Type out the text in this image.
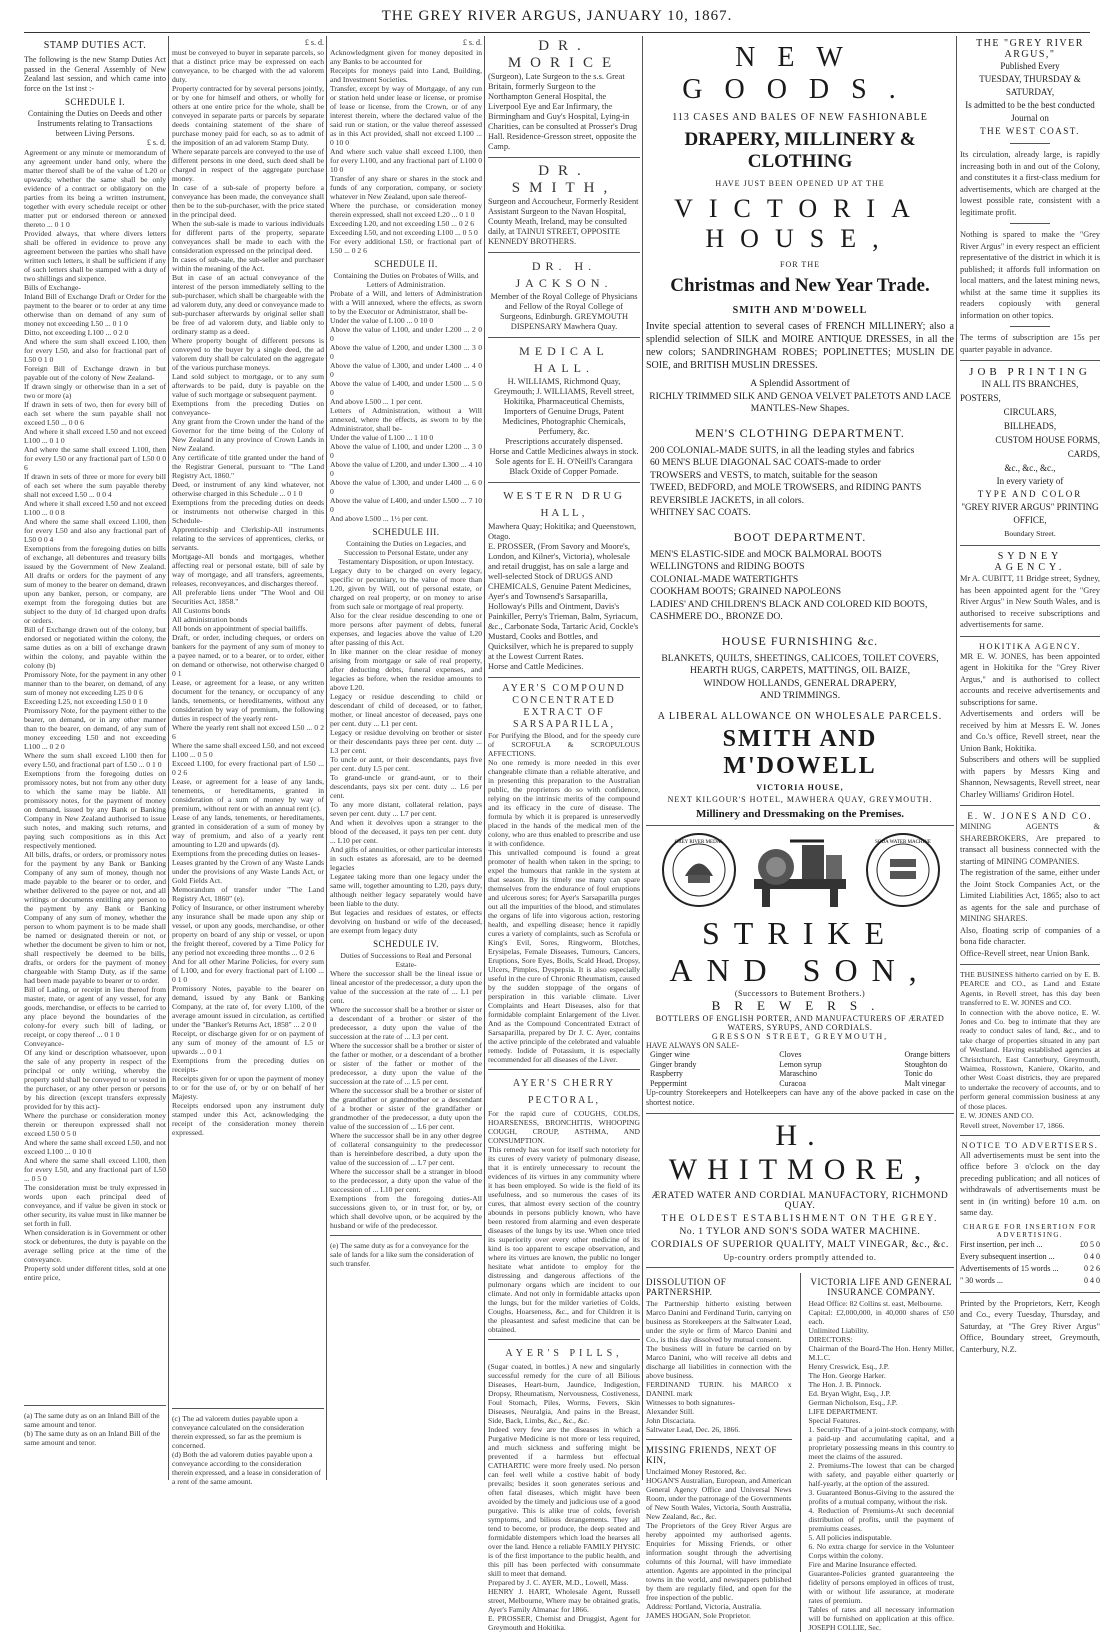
THE GREY RIVER ARGUS, JANUARY 10, 1867.
STAMP DUTIES ACT.
The following is the new Stamp Duties Act passed in the General Assembly of New Zealand last session, and which came into force on the 1st inst :-
SCHEDULE I.
Containing the Duties on Deeds and other Instruments relating to Transactions between Living Persons.
£ s. d.
Agreement or any minute or memorandum of any agreement under hand only, where the matter thereof shall be of the value of L20 or upwards; whether the same shall be only evidence of a contract or obligatory on the parties from its being a written instrument, together with every schedule receipt or other matter put or endorsed thereon or annexed thereto ... 0 1 0
Provided always, that where divers letters shall be offered in evidence to prove any agreement between the parties who shall have written such letters, it shall be sufficient if any of such letters shall be stamped with a duty of two shillings and sixpence.
Bills of Exchange-
Inland Bill of Exchange Draft or Order for the payment to the bearer or to order at any time otherwise than on demand of any sum of money not exceeding L50 ... 0 1 0
Ditto, not exceeding L100 ... 0 2 0
And where the sum shall exceed L100, then for every L50, and also for fractional part of L50 0 1 0
Foreign Bill of Exchange drawn in but payable out of the colony of New Zealand-
If drawn singly or otherwise than in a set of two or more (a)
If drawn in sets of two, then for every bill of each set where the sum payable shall not exceed L50 ... 0 0 6
And where it shall exceed L50 and not exceed L100 ... 0 1 0
And where the same shall exceed L100, then for every L50 or any fractional part of L50 0 0 6
If drawn in sets of three or more for every bill of each set where the sum payable thereby shall not exceed L50 ... 0 0 4
And where it shall exceed L50 and not exceed L100 ... 0 0 8
And where the same shall exceed L100, then for every L50 and also any fractional part of L50 0 0 4
Exemptions from the foregoing duties on bills of exchange, all debentures and treasury bills issued by the Government of New Zealand. All drafts or orders for the payment of any sum of money to the bearer on demand, drawn upon any banker, person, or company, are exempt from the foregoing duties but are subject to the duty of 1d charged upon drafts or orders.
Bill of Exchange drawn out of the colony, but endorsed or negotiated within the colony, the same duties as on a bill of exchange drawn within the colony, and payable within the colony (b)
Promissory Note, for the payment in any other manner than to the bearer, on demand, of any sum of money not exceeding L25 0 0 6
Exceeding L25, not exceeding L50 0 1 0
Promissory Note, for the payment either to the bearer, on demand, or in any other manner than to the bearer, on demand, of any sum of money exceeding L50 and not exceeding L100 ... 0 2 0
Where the sum shall exceed L100 then for every L50, and fractional part of L50 ... 0 1 0
Exemptions from the foregoing duties on promissory notes, but not from any other duty to which the same may be liable. All promissory notes, for the payment of money on demand, issued by any Bank or Banking Company in New Zealand authorised to issue such notes, and making such returns, and paying such compositions as in this Act respectively mentioned.
All bills, drafts, or orders, or promissory notes for the payment by any Bank or Banking Company of any sum of money, though not made payable to the bearer or to order, and whether delivered to the payee or not, and all writings or documents entitling any person to the payment by any Bank or Banking Company of any sum of money, whether the person to whom payment is to be made shall be named or designated therein or not, or whether the document be given to him or not, shall respectively be deemed to be bills, drafts, or orders for the payment of money chargeable with Stamp Duty, as if the same had been made payable to bearer or to order.
Bill of Lading, or receipt in lieu thereof from master, mate, or agent of any vessel, for any goods, merchandise, or effects to be carried to any place beyond the boundaries of the colony-for every such bill of lading, or receipt, or copy thereof ... 0 1 0
Conveyance-
Of any kind or description whatsoever, upon the sale of any property in respect of the principal or only writing, whereby the property sold shall be conveyed to or vested in the purchaser, or any other person or persons by his direction (except transfers expressly provided for by this act)-
Where the purchase or consideration money therein or thereupon expressed shall not exceed L50 0 5 0
And where the same shall exceed L50, and not exceed L100 ... 0 10 0
And where the same shall exceed L100, then for every L50, and any fractional part of L50 ... 0 5 0
The consideration must be truly expressed in words upon each principal deed of conveyance, and if value be given in stock or other security, its value must in like manner be set forth in full.
When consideration is in Government or other stock or debentures, the duty is payable on the average selling price at the time of the conveyance.
Property sold under different titles, sold at one entire price,
(a) The same duty as on an Inland Bill of the same amount and tenor.
(b) The same duty as on an Inland Bill of the same amount and tenor.
£ s. d.
must be conveyed to buyer in separate parcels, so that a distinct price may be expressed on each conveyance, to be charged with the ad valorem duty.
Property contracted for by several persons jointly, or by one for himself and others, or wholly for others at one entire price for the whole, shall be conveyed in separate parts or parcels by separate deeds containing statement of the share of purchase money paid for each, so as to admit of the imposition of an ad valorem Stamp Duty.
Where separate parcels are conveyed to the use of different persons in one deed, such deed shall be charged in respect of the aggregate purchase money.
In case of a sub-sale of property before a conveyance has been made, the conveyance shall then be to the sub-purchaser, with the price stated in the principal deed.
When the sub-sale is made to various individuals for different parts of the property, separate conveyances shall be made to each with the consideration expressed on the principal deed.
In cases of sub-sale, the sub-seller and purchaser within the meaning of the Act.
But in case of an actual conveyance of the interest of the person immediately selling to the sub-purchaser, which shall be chargeable with the ad valorem duty, any deed or conveyance made to sub-purchaser afterwards by original seller shall be free of ad valorem duty, and liable only to ordinary stamp as a deed.
Where property bought of different persons is conveyed to the buyer by a single deed, the ad valorem duty shall be calculated on the aggregate of the various purchase moneys.
Land sold subject to mortgage, or to any sum afterwards to be paid, duty is payable on the value of such mortgage or subsequent payment.
Exemptions from the preceding Duties on conveyance-
Any grant from the Crown under the hand of the Governor for the time being of the Colony of New Zealand in any province of Crown Lands in New Zealand.
Any certificate of title granted under the hand of the Registrar General, pursuant to "The Land Registry Act, 1860."
Deed, or instrument of any kind whatever, not otherwise charged in this Schedule ... 0 1 0
Exemptions from the preceding duties on deeds or instruments not otherwise charged in this Schedule-
Apprenticeship and Clerkship-All instruments relating to the services of apprentices, clerks, or servants.
Mortgage-All bonds and mortgages, whether affecting real or personal estate, bill of sale by way of mortgage, and all transfers, agreements, releases, reconveyances, and discharges thereof.
All preferable liens under "The Wool and Oil Securities Act, 1858."
All Customs bonds
All administration bonds
All bonds on appointment of special bailiffs.
Draft, or order, including cheques, or orders on bankers for the payment of any sum of money to a payee named, or to a bearer, or to order, either on demand or otherwise, not otherwise charged 0 0 1
Lease, or agreement for a lease, or any written document for the tenancy, or occupancy of any lands, tenements, or hereditaments, without any consideration by way of premium, the following duties in respect of the yearly rent-
Where the yearly rent shall not exceed L50 ... 0 2 6
Where the same shall exceed L50, and not exceed L100 ... 0 5 0
Exceed L100, for every fractional part of L50 ... 0 2 6
Lease, or agreement for a lease of any lands, tenements, or hereditaments, granted in consideration of a sum of money by way of premium, without rent or with an annual rent (c).
Lease of any lands, tenements, or hereditaments, granted in consideration of a sum of money by way of premium, and also of a yearly rent amounting to L20 and upwards (d).
Exemptions from the preceding duties on leases-
Leases granted by the Crown of any Waste Lands under the provisions of any Waste Lands Act, or Gold Fields Act.
Memorandum of transfer under "The Land Registry Act, 1860" (e).
Policy of Insurance, or other instrument whereby any insurance shall be made upon any ship or vessel, or upon any goods, merchandise, or other property on board of any ship or vessel, or upon the freight thereof, covered by a Time Policy for any period not exceeding three months ... 0 2 6
And for all other Marine Policies, for every sum of L100, and for every fractional part of L100 ... 0 1 0
Promissory Notes, payable to the bearer on demand, issued by any Bank or Banking Company, at the rate of, for every L100, of the average amount issued in circulation, as certified under the "Banker's Returns Act, 1858" ... 2 0 0
Receipt, or discharge given for or on payment of any sum of money of the amount of L5 or upwards ... 0 0 1
Exemptions from the preceding duties on receipts-
Receipts given for or upon the payment of money to or for the use of, or by or on behalf of her Majesty.
Receipts endorsed upon any instrument duly stamped under this Act, acknowledging the receipt of the consideration money therein expressed.
(c) The ad valorem duties payable upon a conveyance calculated on the consideration therein expressed, so far as the premium is concerned.
(d) Both the ad valorem duties payable upon a conveyance according to the consideration therein expressed, and a lease in consideration of a rent of the same amount.
£ s. d.
Acknowledgment given for money deposited in any Banks to be accounted for
Receipts for moneys paid into Land, Building, and Investment Societies.
Transfer, except by way of Mortgage, of any run or station held under lease or license, or promise of lease or license, from the Crown, or of any interest therein, where the declared value of the said run or station, or the value thereof assessed as in this Act provided, shall not exceed L100 ... 0 10 0
And where such value shall exceed L100, then for every L100, and any fractional part of L100 0 10 0
Transfer of any share or shares in the stock and funds of any corporation, company, or society whatever in New Zealand, upon sale thereof-
Where the purchase, or consideration money therein expressed, shall not exceed L20 ... 0 1 0
Exceeding L20, and not exceeding L50 ... 0 2 6
Exceeding L50, and not exceeding L100 ... 0 5 0
For every additional L50, or fractional part of L50 ... 0 2 6
SCHEDULE II.
Containing the Duties on Probates of Wills, and Letters of Administration.
Probate of a Will, and letters of Administration with a Will annexed, where the effects, as sworn to by the Executor or Administrator, shall be-
Under the value of L100 ... 0 10 0
Above the value of L100, and under L200 ... 2 0 0
Above the value of L200, and under L300 ... 3 0 0
Above the value of L300, and under L400 ... 4 0 0
Above the value of L400, and under L500 ... 5 0 0
And above L500 ... 1 per cent.
Letters of Administration, without a Will annexed, where the effects, as sworn to by the Administrator, shall be-
Under the value of L100 ... 1 10 0
Above the value of L100, and under L200 ... 3 0 0
Above the value of L200, and under L300 ... 4 10 0
Above the value of L300, and under L400 ... 6 0 0
Above the value of L400, and under L500 ... 7 10 0
And above L500 ... 1½ per cent.
SCHEDULE III.
Containing the Duties on Legacies, and Succession to Personal Estate, under any Testamentary Disposition, or upon Intestacy.
Legacy duty to be charged on every legacy, specific or pecuniary, to the value of more than L20, given by Will, out of personal estate, or charged on real property, or on money to arise from such sale or mortgage of real property.
Also for the clear residue descending to one or more persons after payment of debts, funeral expenses, and legacies above the value of L20 after passing of this Act.
In like manner on the clear residue of money arising from mortgage or sale of real property, after deducting debts, funeral expenses, and legacies as before, when the residue amounts to above L20.
Legacy or residue descending to child or descendant of child of deceased, or to father, mother, or lineal ancestor of deceased, pays one per cent. duty ... L1 per cent.
Legacy or residue devolving on brother or sister or their descendants pays three per cent. duty ... L3 per cent.
To uncle or aunt, or their descendants, pays five per cent. duty L5 per cent.
To grand-uncle or grand-aunt, or to their descendants, pays six per cent. duty ... L6 per cent.
To any more distant, collateral relation, pays seven per cent. duty ... L7 per cent.
And when it devolves upon a stranger to the blood of the deceased, it pays ten per cent. duty ... L10 per cent.
And gifts of annuities, or other particular interests in such estates as aforesaid, are to be deemed legacies
Legatee taking more than one legacy under the same will, together amounting to L20, pays duty, although neither legacy separately would have been liable to the duty.
But legacies and residues of estates, or effects devolving on husband or wife of the deceased, are exempt from legacy duty
SCHEDULE IV.
Duties of Successions to Real and Personal Estate-
Where the successor shall be the lineal issue or lineal ancestor of the predecessor, a duty upon the value of the succession at the rate of ... L1 per cent.
Where the successor shall be a brother or sister or a descendant of a brother or sister of the predecessor, a duty upon the value of the succession at the rate of ... L3 per cent.
Where the successor shall be a brother or sister of the father or mother, or a descendant of a brother or sister of the father or mother of the predecessor, a duty upon the value of the succession at the rate of ... L5 per cent.
Where the successor shall be a brother or sister of the grandfather or grandmother or a descendant of a brother or sister of the grandfather or grandmother of the predecessor, a duty upon the value of the succession of ... L6 per cent.
Where the successor shall be in any other degree of collateral consanguinity to the predecessor than is hereinbefore described, a duty upon the value of the succession of ... L7 per cent.
Where the successor shall be a stranger in blood to the predecessor, a duty upon the value of the succession of ... L10 per cent.
Exemptions from the foregoing duties-All successions given to, or in trust for, or by, or which shall devolve upon, or be acquired by the husband or wife of the predecessor.
(e) The same duty as for a conveyance for the sale of lands for a like sum the consideration of such transfer.
DR. MORICE
(Surgeon), Late Surgeon to the s.s. Great Britain, formerly Surgeon to the Northampton General Hospital, the Liverpool Eye and Ear Infirmary, the Birmingham and Guy's Hospital, Lying-in Charities, can be consulted at Prosser's Drug Hall. Residence-Gresson street, opposite the Camp.
DR. SMITH,
Surgeon and Accoucheur, Formerly Resident Assistant Surgeon to the Navan Hospital, County Meath, Ireland, may be consulted daily, at TAINUI STREET, OPPOSITE KENNEDY BROTHERS.
DR. H. JACKSON.
Member of the Royal College of Physicians and Fellow of the Royal College of Surgeons, Edinburgh. GREYMOUTH DISPENSARY Mawhera Quay.
MEDICAL HALL.
H. WILLIAMS, Richmond Quay, Greymouth; J. WILLIAMS, Revell street, Hokitika, Pharmaceutical Chemists, Importers of Genuine Drugs, Patent Medicines, Photographic Chemicals, Perfumery, &c.
Prescriptions accurately dispensed.
Horse and Cattle Medicines always in stock.
Sole agents for E. H. O'Neill's Carangara Black Oxide of Copper Pomade.
WESTERN DRUG HALL,
Mawhera Quay; Hokitika; and Queenstown, Otago.
E. PROSSER, (From Savory and Moore's, London, and Kilner's, Victoria), wholesale and retail druggist, has on sale a large and well-selected Stock of DRUGS AND CHEMICALS, Genuine Patent Medicines, Ayer's and Townsend's Sarsaparilla, Holloway's Pills and Ointment, Davis's Painkiller, Perry's Trieman, Balm, Syriacum, &c., Carbonate Soda, Tartaric Acid, Cockle's Mustard, Cooks and Bottles, and Quicksilver, which he is prepared to supply at the Lowest Current Rates.
Horse and Cattle Medicines.
AYER'S COMPOUND CONCENTRATED EXTRACT OF SARSAPARILLA,
For Purifying the Blood, and for the speedy cure of SCROFULA & SCROPULOUS AFFECTIONS.
No one remedy is more needed in this ever changeable climate than a reliable alterative, and in presenting this preparation to the Australian public, the proprietors do so with confidence, relying on the intrinsic merits of the compound and its efficacy in the cure of disease. The formula by which it is prepared is unreservedly placed in the hands of the medical men of the colony, who are thus enabled to prescribe and use it with confidence.
This unrivalled compound is found a great promoter of health when taken in the spring; to expel the humours that rankle in the system at that season. By its timely use many can spare themselves from the endurance of foul eruptions and ulcerous sores; for Ayer's Sarsaparilla purges out all the impurities of the blood, and stimulates the organs of life into vigorous action, restoring health, and expelling disease; hence it rapidly cures a variety of complaints, such as Scrofula or King's Evil, Sores, Ringworm, Blotches, Erysipelas, Female Diseases, Tumours, Cancers, Eruptions, Sore Eyes, Boils, Scald Head, Dropsy, Ulcers, Pimples, Dyspepsia. It is also especially useful in the cure of Chronic Rheumatism, caused by the sudden stoppage of the organs of perspiration in this variable climate. Liver Complaints and Heart Diseases, also for that formidable complaint Enlargement of the Liver. And as the Compound Concentrated Extract of Sarsaparilla, prepared by Dr J. C. Ayer, contains the active principle of the celebrated and valuable remedy. Iodide of Potassium, it is especially recommended for all diseases of the Liver.
AYER'S CHERRY PECTORAL,
For the rapid cure of COUGHS, COLDS, HOARSENESS, BRONCHITIS, WHOOPING COUGH, CROUP, ASTHMA, AND CONSUMPTION.
This remedy has won for itself such notoriety for its cures of every variety of pulmonary disease, that it is entirely unnecessary to recount the evidences of its virtues in any community where it has been employed. So wide is the field of its usefulness, and so numerous the cases of its cures, that almost every section of the country abounds in persons publicly known, who have been restored from alarming and even desperate diseases of the lungs by its use. When once tried its superiority over every other medicine of its kind is too apparent to escape observation, and where its virtues are known, the public no longer hesitate what antidote to employ for the distressing and dangerous affections of the pulmonary organs which are incident to our climate. And not only in formidable attacks upon the lungs, but for the milder varieties of Colds, Coughs, Hoarseness, &c., and for Children it is the pleasantest and safest medicine that can be obtained.
AYER'S PILLS,
(Sugar coated, in bottles.) A new and singularly successful remedy for the cure of all Bilious Diseases, Heart-burn, Jaundice, Indigestion, Dropsy, Rheumatism, Nervousness, Costiveness, Foul Stomach, Piles, Worms, Fevers, Skin Diseases, Neuralgia, And pains in the Breast, Side, Back, Limbs, &c., &c., &c.
Indeed very few are the diseases in which a Purgative Medicine is not more or less required, and much sickness and suffering might be prevented if a harmless but effectual CATHARTIC were more freely used. No person can feel well while a costive habit of body prevails; besides it soon generates serious and often fatal diseases, which might have been avoided by the timely and judicious use of a good purgative. This is alike true of colds, feverish symptoms, and bilious derangements. They all tend to become, or produce, the deep seated and formidable distempers which load the hearses all over the land. Hence a reliable FAMILY PHYSIC is of the first importance to the public health, and this pill has been perfected with consummate skill to meet that demand.
Prepared by J. C. AYER, M.D., Lowell, Mass.
HENRY J. HART, Wholesale Agent, Russell street, Melbourne, Where may be obtained gratis, Ayer's Family Almanac for 1866.
E. PROSSER, Chemist and Druggist, Agent for Greymouth and Hokitika.
NEW GOODS.
113 CASES AND BALES OF NEW FASHIONABLE
DRAPERY, MILLINERY & CLOTHING
HAVE JUST BEEN OPENED UP AT THE
VICTORIA HOUSE,
FOR THE
Christmas and New Year Trade.
SMITH AND M'DOWELL
Invite special attention to several cases of FRENCH MILLINERY; also a splendid selection of SILK and MOIRE ANTIQUE DRESSES, in all the new colors; SANDRINGHAM ROBES; POPLINETTES; MUSLIN DE SOIE, and BRITISH MUSLIN DRESSES.
A Splendid Assortment of
RICHLY TRIMMED SILK AND GENOA VELVET PALETOTS AND LACE MANTLES-New Shapes.
MEN'S CLOTHING DEPARTMENT.
200 COLONIAL-MADE SUITS, in all the leading styles and fabrics
60 MEN'S BLUE DIAGONAL SAC COATS-made to order
TROWSERS and VESTS, to match, suitable for the season
TWEED, BEDFORD, and MOLE TROWSERS, and RIDING PANTS
REVERSIBLE JACKETS, in all colors.
WHITNEY SAC COATS.
BOOT DEPARTMENT.
MEN'S ELASTIC-SIDE and MOCK BALMORAL BOOTS
WELLINGTONS and RIDING BOOTS
COLONIAL-MADE WATERTIGHTS
COOKHAM BOOTS; GRAINED NAPOLEONS
LADIES' AND CHILDREN'S BLACK AND COLORED KID BOOTS,
CASHMERE DO., BRONZE DO.
HOUSE FURNISHING &c.
BLANKETS, QUILTS, SHEETINGS, CALICOES, TOILET COVERS,
HEARTH RUGS, CARPETS, MATTINGS, OIL BAIZE,
WINDOW HOLLANDS, GENERAL DRAPERY,
AND TRIMMINGS.
A LIBERAL ALLOWANCE ON WHOLESALE PARCELS.
SMITH AND M'DOWELL
VICTORIA HOUSE,
NEXT KILGOUR'S HOTEL, MAWHERA QUAY, GREYMOUTH.
Millinery and Dressmaking on the Premises.
GREY RIVER MEDAL	SODA WATER MACHINE
STRIKE AND SON,
(Successors to Butement Brothers.)
BREWERS.
BOTTLERS OF ENGLISH PORTER, AND MANUFACTURERS OF ÆRATED WATERS, SYRUPS, AND CORDIALS.
GRESSON STREET, GREYMOUTH,
HAVE ALWAYS ON SALE-
Ginger wine
Ginger brandy
Raspberry
Peppermint
Cloves
Lemon syrup
Maraschino
Curacoa
Orange bitters
Stoughton do
Tonic do
Malt vinegar
Up-country Storekeepers and Hotelkeepers can have any of the above packed in case on the shortest notice.
H. WHITMORE,
ÆRATED WATER AND CORDIAL MANUFACTORY, RICHMOND QUAY.
THE OLDEST ESTABLISHMENT ON THE GREY.
No. 1 TYLOR AND SON'S SODA WATER MACHINE.
CORDIALS OF SUPERIOR QUALITY, MALT VINEGAR, &c., &c.
Up-country orders promptly attended to.
DISSOLUTION OF PARTNERSHIP.
The Partnership hitherto existing between Marco Danini and Ferdinand Turin, carrying on business as Storekeepers at the Saltwater Lead, under the style or firm of Marco Danini and Co., is this day dissolved by mutual consent.
The business will in future be carried on by Marco Danini, who will receive all debts and discharge all liabilities in connection with the above business.
FERDINAND TURIN. his MARCO x DANINI. mark
Witnesses to both signatures-
Alexander Still.
John Discaciata.
Saltwater Lead, Dec. 26, 1866.
MISSING FRIENDS, NEXT OF KIN,
Unclaimed Money Restored, &c.
HOGAN'S Australian, European, and American General Agency Office and Universal News Room, under the patronage of the Governments of New South Wales, Victoria, South Australia, New Zealand, &c., &c.
The Proprietors of the Grey River Argus are hereby appointed my authorised agents. Enquiries for Missing Friends, or other information sought through the advertising columns of this Journal, will have immediate attention. Agents are appointed in the principal towns in the world, and newspapers published by them are regularly filed, and open for the free inspection of the public.
Address: Portland, Victoria, Australia.
JAMES HOGAN, Sole Proprietor.
VICTORIA LIFE AND GENERAL INSURANCE COMPANY.
Head Office: 82 Collins st. east, Melbourne.
Capital: £2,000,000, in 40,000 shares of £50 each.
Unlimited Liability.
DIRECTORS:
Chairman of the Board-The Hon. Henry Miller, M.L.C.
Henry Creswick, Esq., J.P.
The Hon. George Harker.
The Hon. J. B. Pinnock.
Ed. Bryan Wight, Esq., J.P.
German Nicholson, Esq., J.P.
LIFE DEPARTMENT.
Special Features.
1. Security-That of a joint-stock company, with a paid-up and accumulating capital, and a proprietary possessing means in this country to meet the claims of the assured.
2. Premiums-The lowest that can be charged with safety, and payable either quarterly or half-yearly, at the option of the assured.
3. Guaranteed Bonus-Giving to the assured the profits of a mutual company, without the risk.
4. Reduction of Premiums-At such decennial distribution of profits, until the payment of premiums ceases.
5. All policies indisputable.
6. No extra charge for service in the Volunteer Corps within the colony.
Fire and Marine Insurance effected.
Guarantee-Policies granted guaranteeing the fidelity of persons employed in offices of trust, with or without life assurance, at moderate rates of premium.
Tables of rates and all necessary information will be furnished on application at this office. JOSEPH COLLIE, Sec.
THE "GREY RIVER ARGUS,"
Published Every
TUESDAY, THURSDAY & SATURDAY,
Is admitted to be the best conducted Journal on
THE WEST COAST.
Its circulation, already large, is rapidly increasing both in and out of the Colony, and constitutes it a first-class medium for advertisements, which are charged at the lowest possible rate, consistent with a legitimate profit.
Nothing is spared to make the "Grey River Argus" in every respect an efficient representative of the district in which it is published; it affords full information on local matters, and the latest mining news, whilst at the same time it supplies its readers copiously with general information on other topics.
The terms of subscription are 15s per quarter payable in advance.
JOB PRINTING
IN ALL ITS BRANCHES,
POSTERS,
CIRCULARS,
BILLHEADS,
CUSTOM HOUSE FORMS,
CARDS,
&c., &c., &c.,
In every variety of
TYPE AND COLOR
"GREY RIVER ARGUS" PRINTING OFFICE,
Boundary Street.
SYDNEY AGENCY.
Mr A. CUBITT, 11 Bridge street, Sydney, has been appointed agent for the "Grey River Argus" in New South Wales, and is authorised to receive subscriptions and advertisements for same.
HOKITIKA AGENCY.
MR E. W. JONES, has been appointed agent in Hokitika for the "Grey River Argus," and is authorised to collect accounts and receive advertisements and subscriptions for same.
Advertisements and orders will be received by him at Messrs E. W. Jones and Co.'s office, Revell street, near the Union Bank, Hokitika.
Subscribers and others will be supplied with papers by Messrs King and Shannon, Newsagents, Revell street, near Charley Williams' Gridiron Hotel.
E. W. JONES AND CO.
MINING AGENTS & SHAREBROKERS, Are prepared to transact all business connected with the starting of MINING COMPANIES.
The registration of the same, either under the Joint Stock Companies Act, or the Limited Liabilities Act, 1865; also to act as agents for the sale and purchase of MINING SHARES.
Also, floating scrip of companies of a bona fide character.
Office-Revell street, near Union Bank.
THE BUSINESS hitherto carried on by E. B. PEARCE and CO., as Land and Estate Agents, in Revell street, has this day been transferred to E. W. JONES and CO.
In connection with the above notice, E. W. Jones and Co. beg to intimate that they are ready to conduct sales of land, &c., and to take charge of properties situated in any part of Westland. Having established agencies at Christchurch, East Canterbury, Greymouth, Waimea, Rosstown, Kaniere, Okarito, and other West Coast districts, they are prepared to undertake the recovery of accounts, and to perform general commission business at any of those places.
E. W. JONES AND CO.
Revell street, November 17, 1866.
NOTICE TO ADVERTISERS.
All advertisements must be sent into the office before 3 o'clock on the day preceding publication; and all notices of withdrawals of advertisements must be sent in (in writing) before 10 a.m. on same day.
CHARGE FOR INSERTION FOR ADVERTISING.
First insertion, per inch ...	£0 5 0
Every subsequent insertion ...	0 4 0
Advertisements of 15 words ...	0 2 6
" 30 words ...	0 4 0
Printed by the Proprietors, Kerr, Keogh and Co., every Tuesday, Thursday, and Saturday, at "The Grey River Argus" Office, Boundary street, Greymouth, Canterbury, N.Z.
